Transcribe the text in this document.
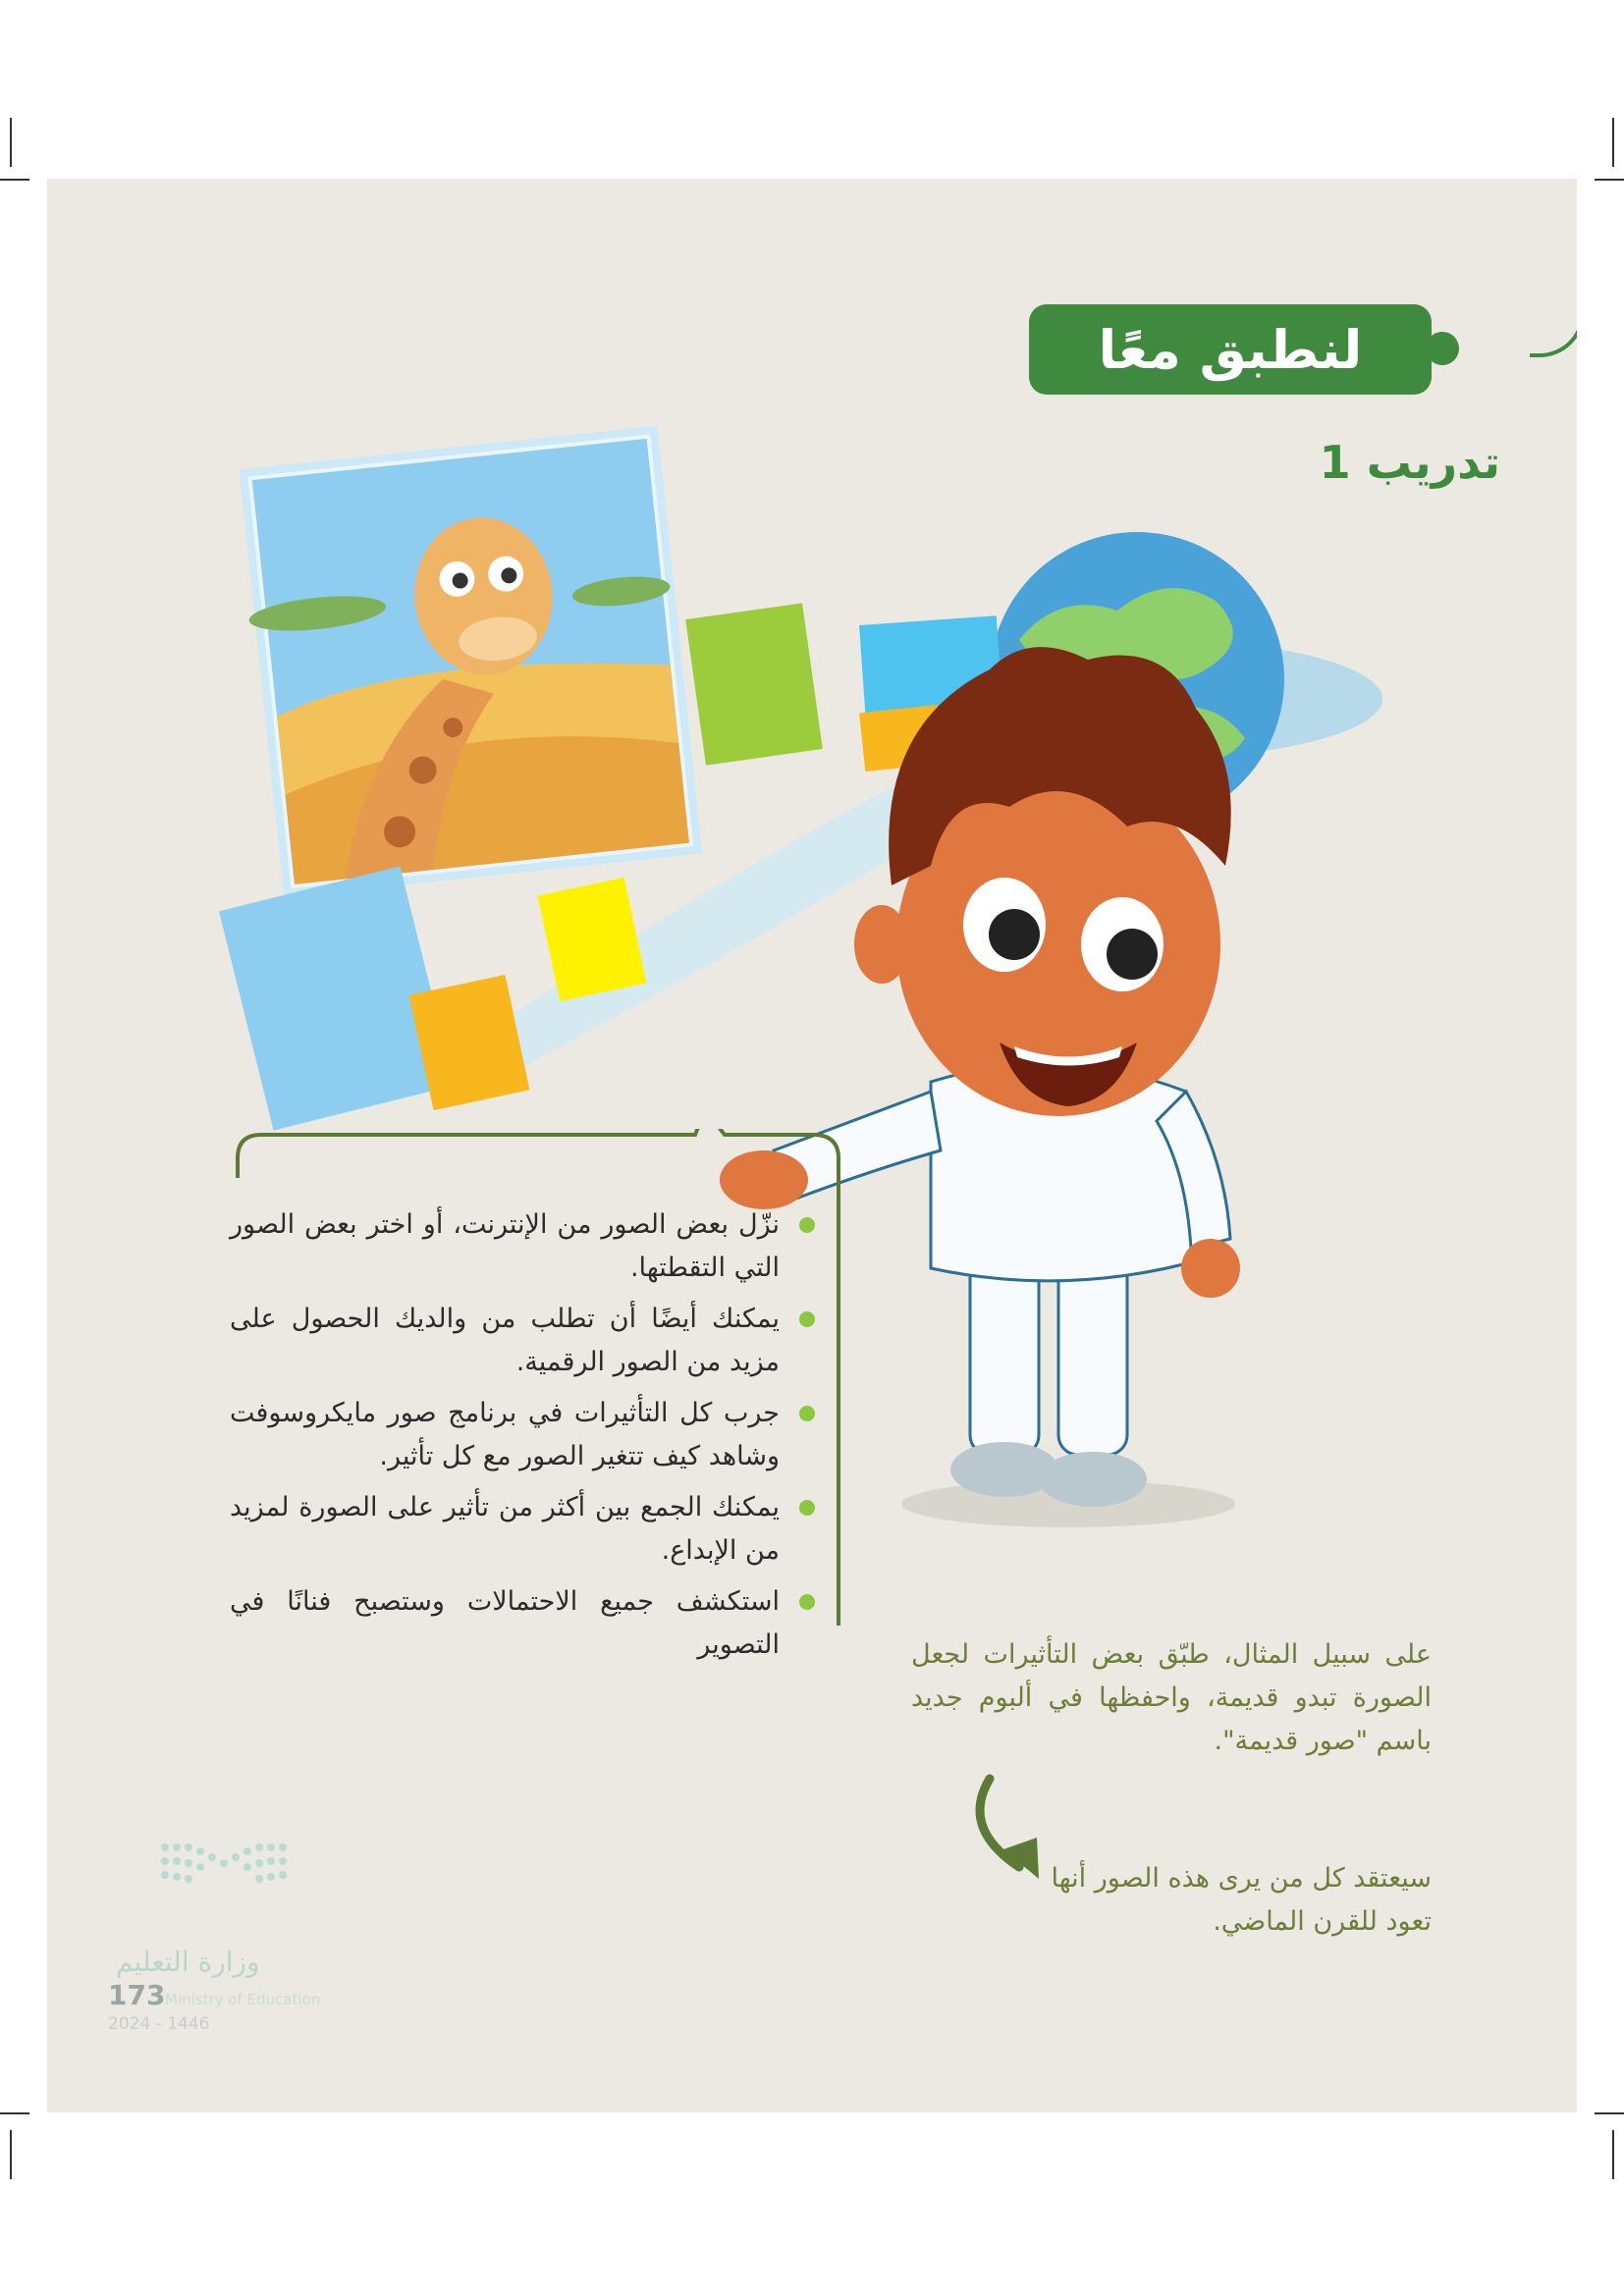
لنطبق معًا
تدريب 1
نزّل بعض الصور من الإنترنت، أو اختر بعض الصور التي التقطتها.
يمكنك أيضًا أن تطلب من والديك الحصول على مزيد من الصور الرقمية.
جرب كل التأثيرات في برنامج صور مايكروسوفت وشاهد كيف تتغير الصور مع كل تأثير.
يمكنك الجمع بين أكثر من تأثير على الصورة لمزيد من الإبداع.
استكشف جميع الاحتمالات وستصبح فنانًا في التصوير	على سبيل المثال، طبّق بعض التأثيرات لجعل الصورة تبدو قديمة، واحفظها في ألبوم جديد باسم "صور قديمة".
سيعتقد كل من يرى هذه الصور أنها تعود للقرن الماضي.
وزارة التعليم
Ministry of Education
173
2024 - 1446
